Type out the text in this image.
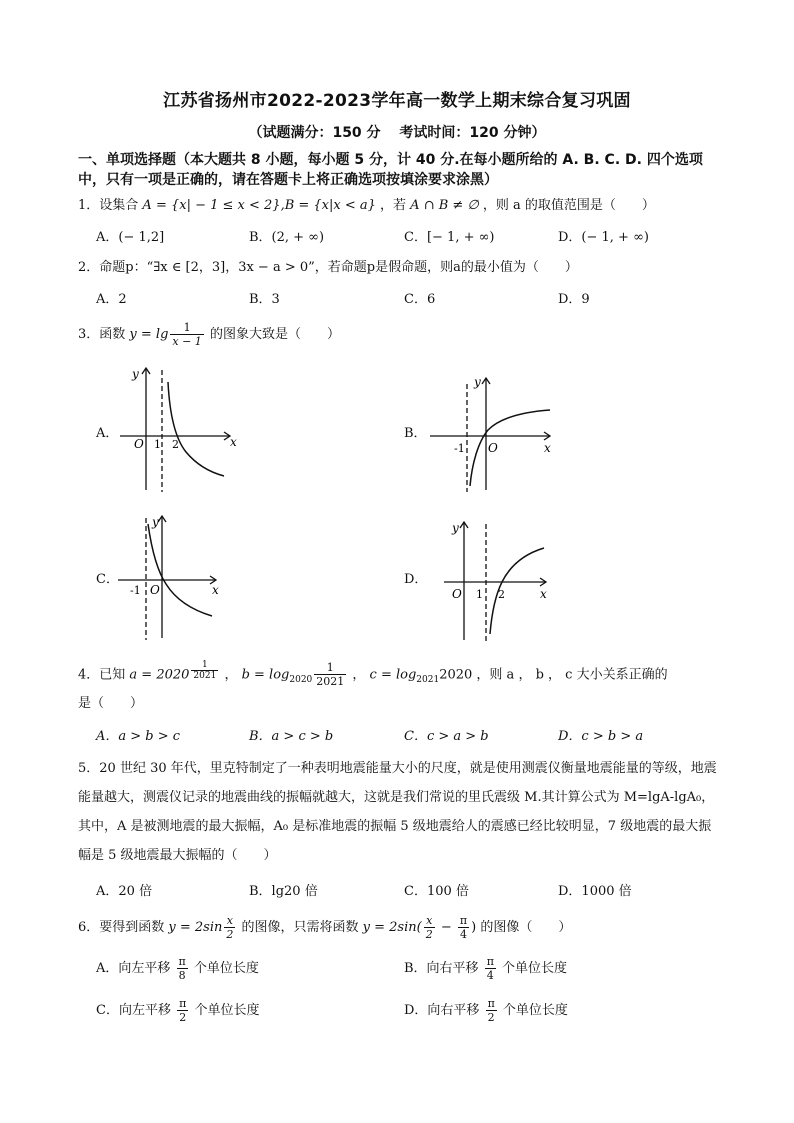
江苏省扬州市2022-2023学年高一数学上期末综合复习巩固
（试题满分：150 分　 考试时间：120 分钟）
一、单项选择题（本大题共 8 小题，每小题 5 分，计 40 分.在每小题所给的 A. B. C. D. 四个选项中，只有一项是正确的，请在答题卡上将正确选项按填涂要求涂黑）
1．设集合 A = {x| − 1 ≤ x < 2},B = {x|x < a} ，若 A ∩ B ≠ ∅ ，则 a 的取值范围是（　　）
A．(− 1,2]	B．(2, + ∞)	C．[− 1, + ∞)	D．(− 1, + ∞)
2．命题p：“∃x ∈ [2，3]，3x − a > 0”，若命题p是假命题，则a的最小值为（　　）
A．2	B．3	C．6	D．9
3．函数 $y = \lg \frac{1}{x - 1}$ 的图象大致是（　　）
A．	B．
C．	D．
x
y
O 1 2	x
y
O
-1
x
y
O
-1	x
y
O 1 2
4．已知 a = 2020 $^{\frac{1}{2021}}$ ， $b = \log_{2020} \frac{1}{2021}$ ， $c = \log_{2021}2020$ ，则 a ， b ， c 大小关系正确的
是（　　）
A．a > b > c	B．a > c > b	C．c > a > b	D．c > b > a
5．20 世纪 30 年代，里克特制定了一种表明地震能量大小的尺度，就是使用测震仪衡量地震能量的等级，地震能量越大，测震仪记录的地震曲线的振幅就越大，这就是我们常说的里氏震级 M.其计算公式为 M=lgA-lgA₀，其中，A 是被测地震的最大振幅，A₀ 是标准地震的振幅 5 级地震给人的震感已经比较明显，7 级地震的最大振幅是 5 级地震最大振幅的（　　）
A．20 倍	B．lg20 倍	C．100 倍	D．1000 倍
6．要得到函数 $y = 2\sin \frac{x}{2}$ 的图像，只需将函数 $y = 2\sin( \frac{x}{2} - \frac{\pi}{4}$ ) 的图像（　　）
A．向左平移 $\frac{\pi}{8}$ 个单位长度	B．向右平移 $\frac{\pi}{4}$ 个单位长度
C．向左平移 $\frac{\pi}{2}$ 个单位长度	D．向右平移 $\frac{\pi}{2}$ 个单位长度
